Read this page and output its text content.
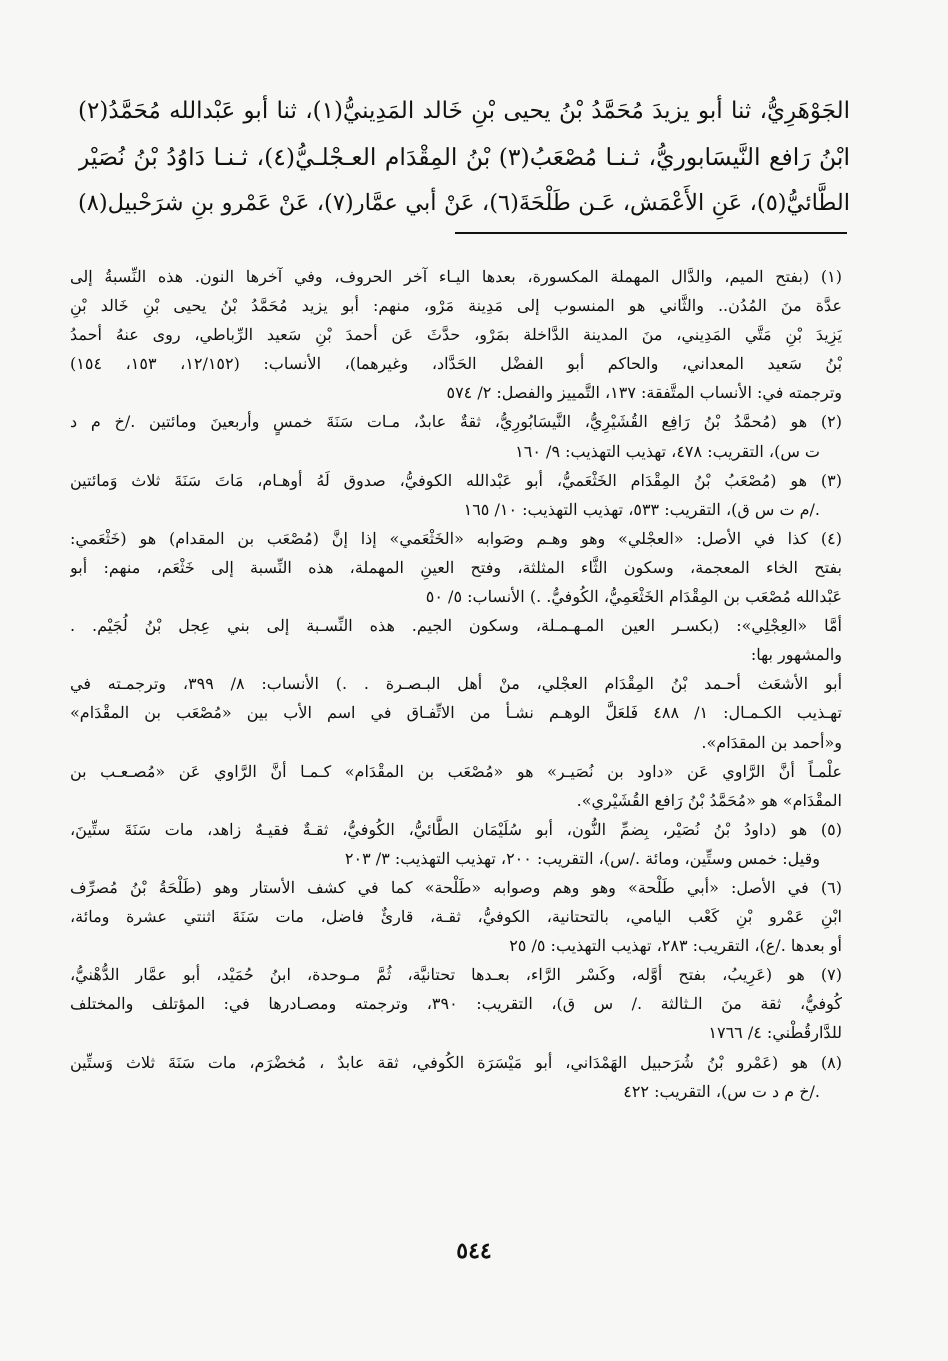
الجَوْهَرِيُّ، ثنا أبو يزيدَ مُحَمَّدُ بْنُ يحيى بْنِ خَالد المَدِينيُّ(١)، ثنا أبو عَبْدالله مُحَمَّدُ(٢)
ابْنُ رَافع النَّيسَابوريُّ، ثـنـا مُصْعَبُ(٣) بْنُ المِقْدَام العـجْلـيُّ(٤)، ثـنـا دَاوُدُ بْنُ نُصَيْر
الطَّائيُّ(٥)، عَنِ الأَعْمَش، عَـن طَلْحَةَ(٦)، عَنْ أبي عمَّار(٧)، عَنْ عَمْرو بنِ شرَحْبيل(٨)
(١) (بفتح الميم، والدَّال المهملة المكسورة، بعدها اليـاء آخر الحروف، وفي آخرها النون. هذه النِّسبةُ إلى
عدَّة منَ المُدُن.. والثَّاني هو المنسوب إلى مَدِينة مَرْو، منهم: أبو يزيد مُحَمَّدُ بْنُ يحيى بْنِ خَالد بْنِ
يَزِيدَ بْنِ مَتَّي المَدِيني، منَ المدينة الدَّاخلة بمَرْو، حدَّثَ عَن أحمدَ بْنِ سَعيد الرِّباطي، روى عنهُ أحمدُ
بْنُ سَعيد المعداني، والحاكم أبو الفضْل الحَدَّاد، وغيرهما)، الأنساب: (١٢/١٥٢، ١٥٣، ١٥٤)
وترجمته في: الأنساب المتَّفقة: ١٣٧، التَّمييز والفصل: ٢/ ٥٧٤
(٢) هو (مُحمَّدُ بْنُ رَافِع القُشَيْرِيُّ، النَّيسَابُورِيُّ، ثقةٌ عابدٌ، مـات سَنَةَ خمسٍ وأربعينَ ومائتين ./خ م د
ت س)، التقريب: ٤٧٨، تهذيب التهذيب: ٩/ ١٦٠
(٣) هو (مُصْعَبُ بْنُ المِقْدَام الخَثْعَميُّ، أبو عَبْدالله الكوفيُّ، صدوق لَهُ أوهـام، مَاتَ سَنَةَ ثلاث وَمائتين
./م ت س ق)، التقريب: ٥٣٣، تهذيب التهذيب: ١٠/ ١٦٥
(٤) كذا في الأصل: «العجْلي» وهو وهـم وصَوابه «الخَثْعَمي» إذا إنَّ (مُصْعَب بن المقدام) هو (خَثْعَمي:
بفتح الخاء المعجمة، وسكون الثَّاء المثلثة، وفتح العينِ المهملة، هذه النِّسبة إلى خَثْعَم، منهم: أبو
عَبْدالله مُصْعَب بن المِقْدَام الخَثْعَمِيُّ، الكُوفيُّ. .) الأنساب: ٥/ ٥٠
أمَّا «العِجْلِي»: (بكسـر العين المـهـمـلة، وسكون الجيم. هذه النِّسـبة إلى بني عِجل بْنُ لُجَيْم. .
والمشهور بها:
أبو الأشعَث أحـمد بْنُ المِقْدَام العجْلي، منْ أهل البـصـرة . .) الأنساب: ٨/ ٣٩٩، وترجمـته في
تهـذيب الكـمـال: ١/ ٤٨٨ فَلعَلَّ الوهـم نشـأ من الاتِّفـاق في اسم الأب بين «مُصْعَب بن المقْدَام»
و«أحمد بن المقدَام».
علْمـاً أنَّ الرَّاوي عَن «داود بن نُصَيـر» هو «مُصْعَب بن المقْدَام» كـمـا أنَّ الرَّاوي عَن «مُصـعـب بن
المقْدَام» هو «مُحَمَّدُ بْنُ رَافع القُشَيْري».
(٥) هو (داودُ بْنُ نُصَيْر، بِضمِّ النُّون، أبو سُلَيْمَان الطَّائيُّ، الكُوفيُّ، ثقـةٌ فقيـهٌ زاهد، مات سَنَةَ ستِّينَ،
وقيل: خمس وستِّين، ومائة ./س)، التقريب: ٢٠٠، تهذيب التهذيب: ٣/ ٢٠٣
(٦) في الأصل: «أبي طَلْحة» وهو وهم وصوابه «طَلْحة» كما في كشف الأستار وهو (طَلْحَةُ بْنُ مُصرِّف
ابْنِ عَمْرو بْنِ كَعْب اليامي، بالتحتانية، الكوفيُّ، ثقـة، قارئٌ فاضل، مات سَنَةَ اثنتي عشرة ومائة،
أو بعدها ./ع)، التقريب: ٢٨٣، تهذيب التهذيب: ٥/ ٢٥
(٧) هو (عَرِيبُ، بفتح أوَّله، وكَسْر الرَّاء، بعـدها تحتانيَّة، ثُمَّ مـوحدة، ابنُ حُمَيْد، أبو عمَّار الدُّهْنيُّ،
كُوفيُّ، ثقة منَ الـثالثة ./ س ق)، التقريب: ٣٩٠، وترجمته ومصـادرها في: المؤتلف والمختلف
للدَّارقُطْني: ٤/ ١٧٦٦
(٨) هو (عَمْرو بْنُ شُرَحبيل الهَمْدَاني، أبو مَيْسَرَة الكُوفي، ثقة عابدٌ ، مُخضْرَم، مات سَنَةَ ثلاث وَستِّين
./خ م د ت س)، التقريب: ٤٢٢
٥٤٤
